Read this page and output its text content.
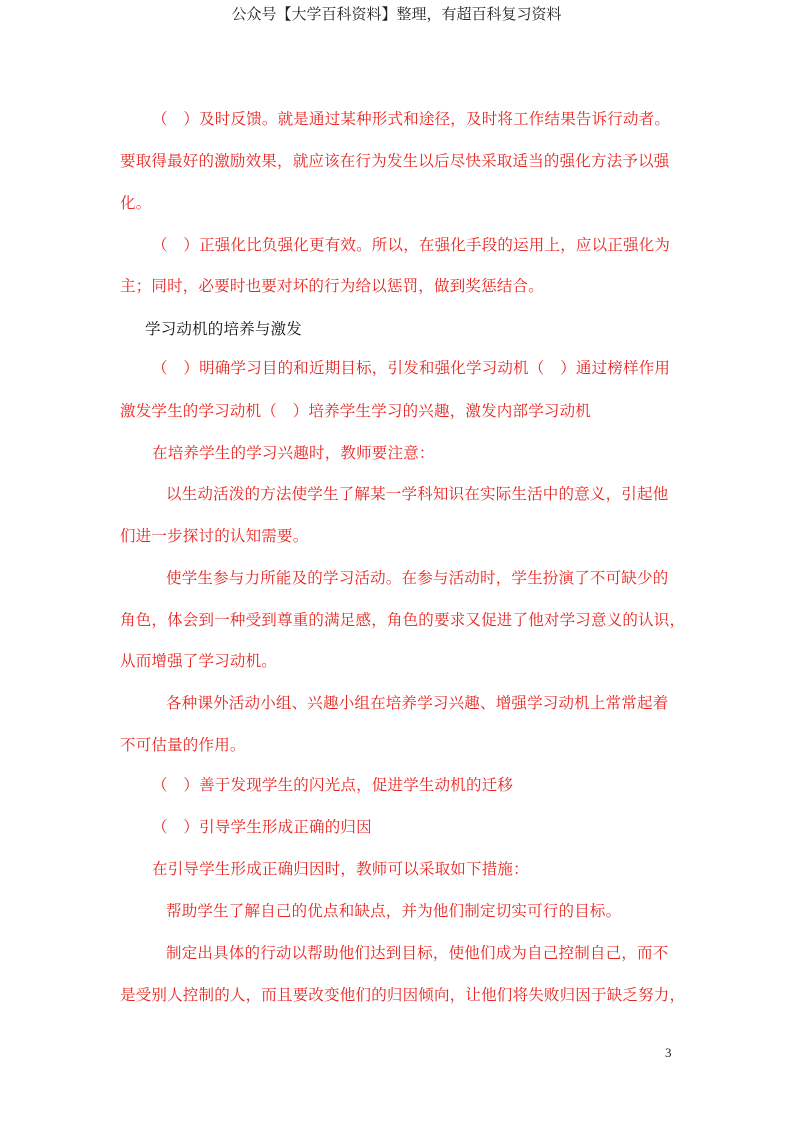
公众号【大学百科资料】整理，有超百科复习资料
（　）及时反馈。就是通过某种形式和途径，及时将工作结果告诉行动者。
要取得最好的激励效果，就应该在行为发生以后尽快采取适当的强化方法予以强
化。
（　）正强化比负强化更有效。所以，在强化手段的运用上，应以正强化为
主；同时，必要时也要对坏的行为给以惩罚，做到奖惩结合。
学习动机的培养与激发
（　）明确学习目的和近期目标，引发和强化学习动机（　）通过榜样作用
激发学生的学习动机（　）培养学生学习的兴趣，激发内部学习动机
在培养学生的学习兴趣时，教师要注意：
以生动活泼的方法使学生了解某一学科知识在实际生活中的意义，引起他
们进一步探讨的认知需要。
使学生参与力所能及的学习活动。在参与活动时，学生扮演了不可缺少的
角色，体会到一种受到尊重的满足感，角色的要求又促进了他对学习意义的认识，
从而增强了学习动机。
各种课外活动小组、兴趣小组在培养学习兴趣、增强学习动机上常常起着
不可估量的作用。
（　）善于发现学生的闪光点，促进学生动机的迁移
（　）引导学生形成正确的归因
在引导学生形成正确归因时，教师可以采取如下措施：
帮助学生了解自己的优点和缺点，并为他们制定切实可行的目标。
制定出具体的行动以帮助他们达到目标，使他们成为自己控制自己，而不
是受别人控制的人，而且要改变他们的归因倾向，让他们将失败归因于缺乏努力，
3
